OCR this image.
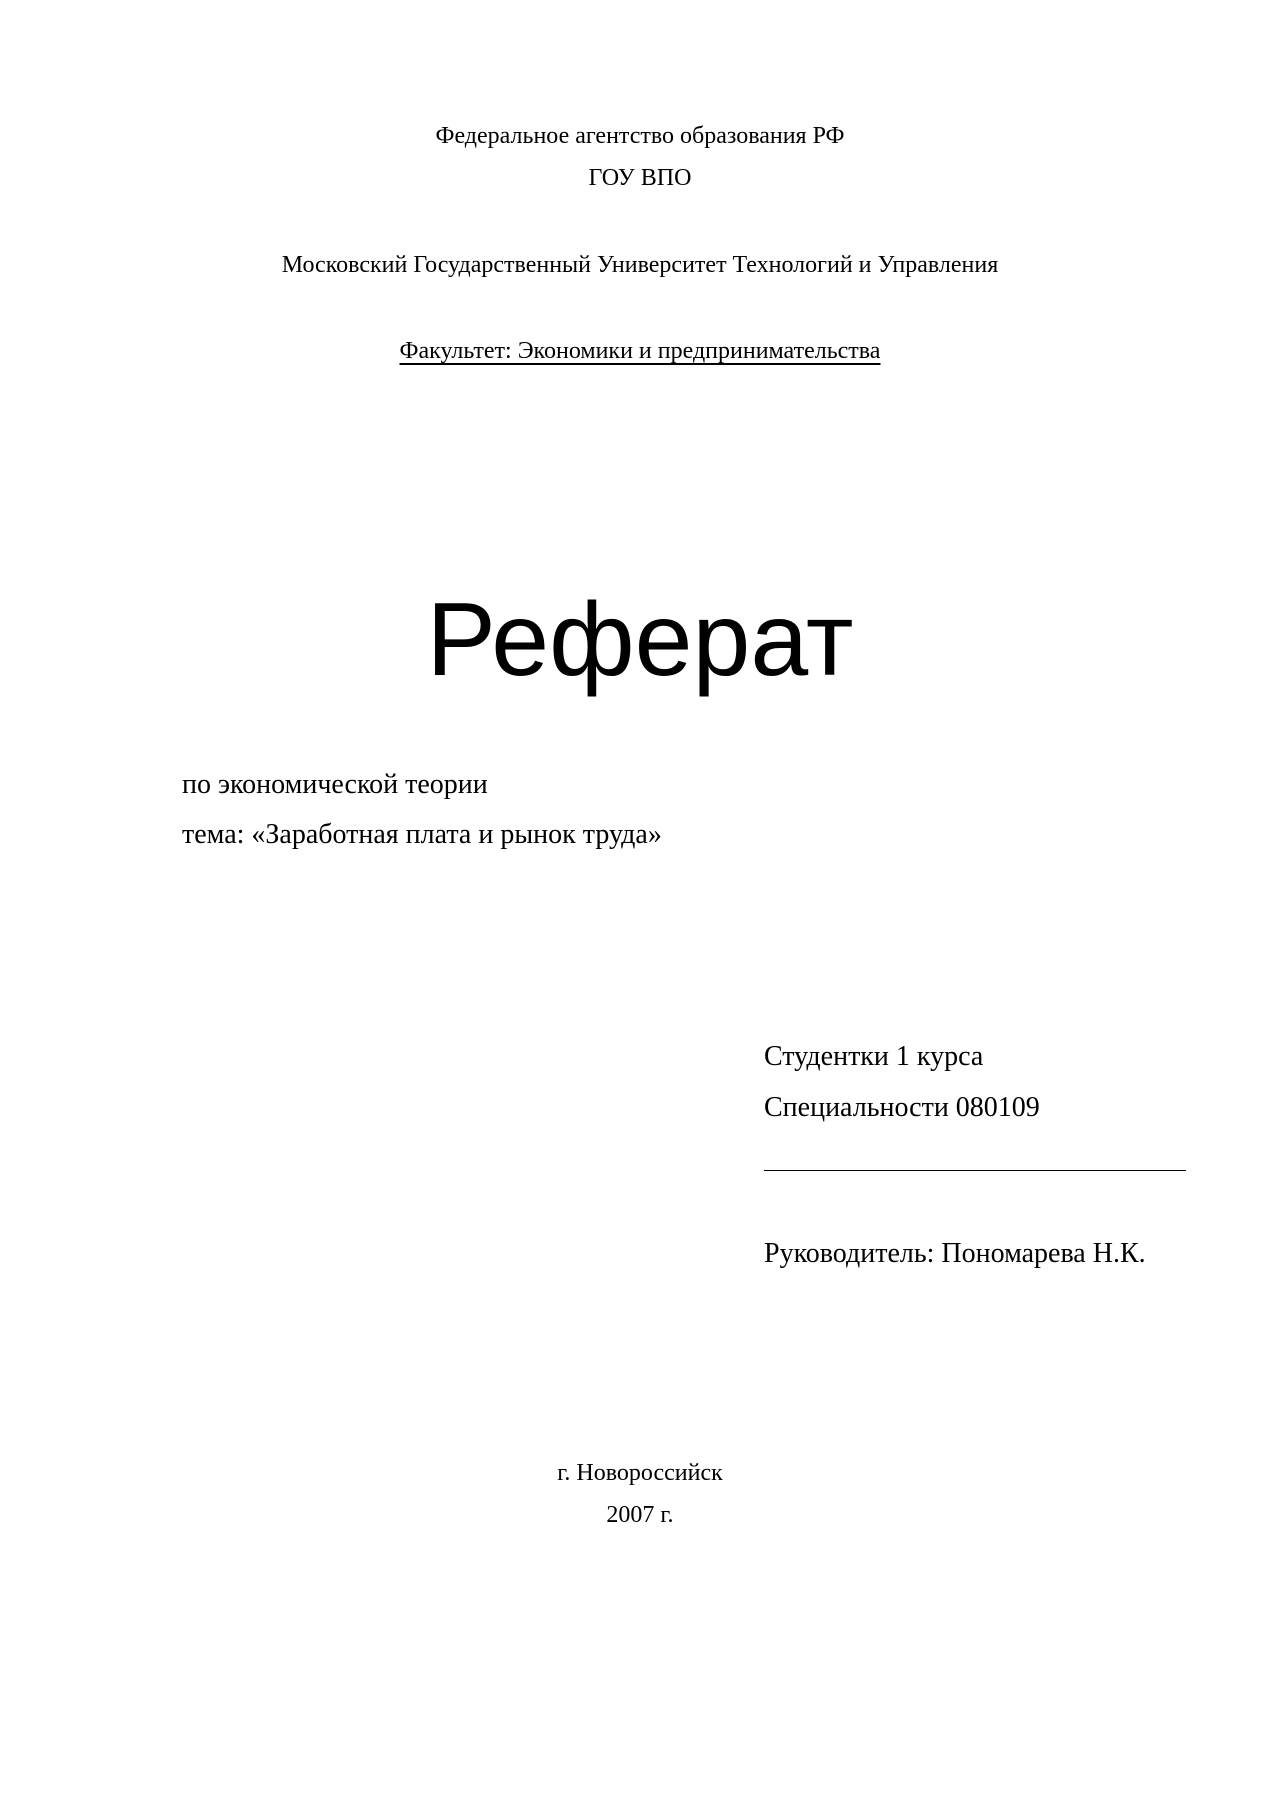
Федеральное агентство образования РФ
ГОУ ВПО
Московский Государственный Университет Технологий и Управления
Факультет: Экономики и предпринимательства
Реферат
по экономической теории
тема: «Заработная плата и рынок труда»
Студентки 1 курса
Специальности 080109
Руководитель: Пономарева Н.К.
г. Новороссийск
2007 г.
